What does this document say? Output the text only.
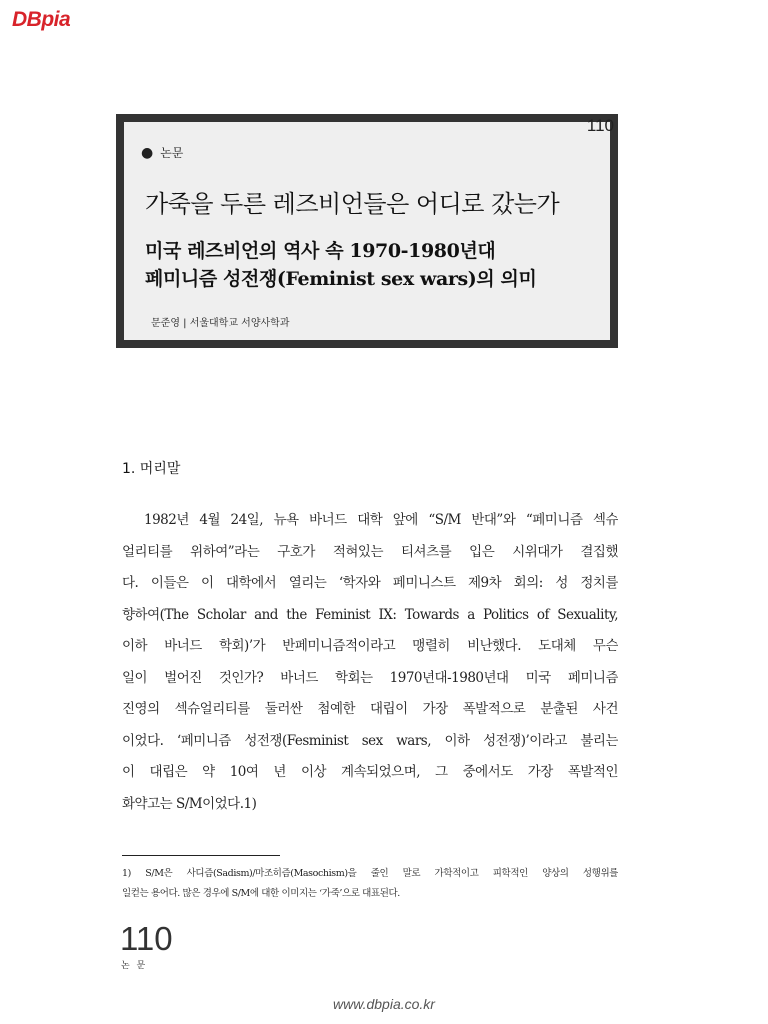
DBpia
110
● 논문
가죽을 두른 레즈비언들은 어디로 갔는가
미국 레즈비언의 역사 속 1970-1980년대
페미니즘 성전쟁(Feminist sex wars)의 의미
문준영 | 서울대학교 서양사학과
1. 머리말
1982년 4월 24일, 뉴욕 바너드 대학 앞에 “S/M 반대”와 “페미니즘 섹슈
얼리티를 위하여”라는 구호가 적혀있는 티셔츠를 입은 시위대가 결집했
다. 이들은 이 대학에서 열리는 ‘학자와 페미니스트 제9차 회의: 성 정치를
향하여(The Scholar and the Feminist IX: Towards a Politics of Sexuality,
이하 바너드 학회)’가 반페미니즘적이라고 맹렬히 비난했다. 도대체 무슨
일이 벌어진 것인가? 바너드 학회는 1970년대-1980년대 미국 페미니즘
진영의 섹슈얼리티를 둘러싼 첨예한 대립이 가장 폭발적으로 분출된 사건
이었다. ‘페미니즘 성전쟁(Fesminist sex wars, 이하 성전쟁)’이라고 불리는
이 대립은 약 10여 년 이상 계속되었으며, 그 중에서도 가장 폭발적인
화약고는 S/M이었다.1)
1) S/M은 사디즘(Sadism)/마조히즘(Masochism)을 줄인 말로 가학적이고 피학적인 양상의 성행위를
일컫는 용어다. 많은 경우에 S/M에 대한 이미지는 ‘가죽’으로 대표된다.
110
논 문
www.dbpia.co.kr
